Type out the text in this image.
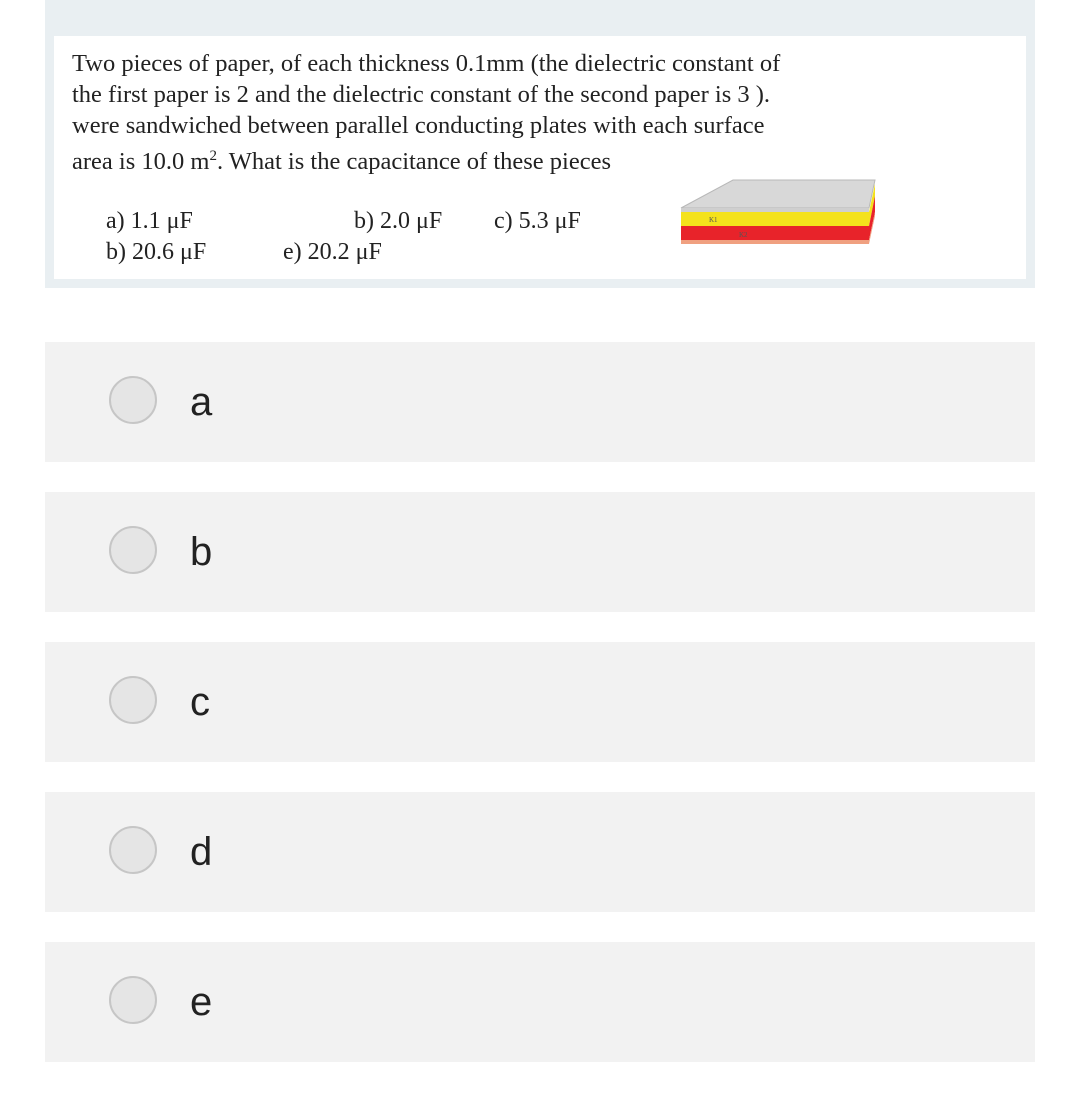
Two pieces of paper, of each thickness 0.1mm (the dielectric constant of
the first paper is 2 and the dielectric constant of the second paper is 3 ).
were sandwiched between parallel conducting plates with each surface
area is 10.0 $m^2$. What is the capacitance of these pieces

a) 1.1 μF	b) 2.0 μF c) 5.3 μF
b) 20.6 μF	e) 20.2 μF
K1
K2
a
b
c
d
e
